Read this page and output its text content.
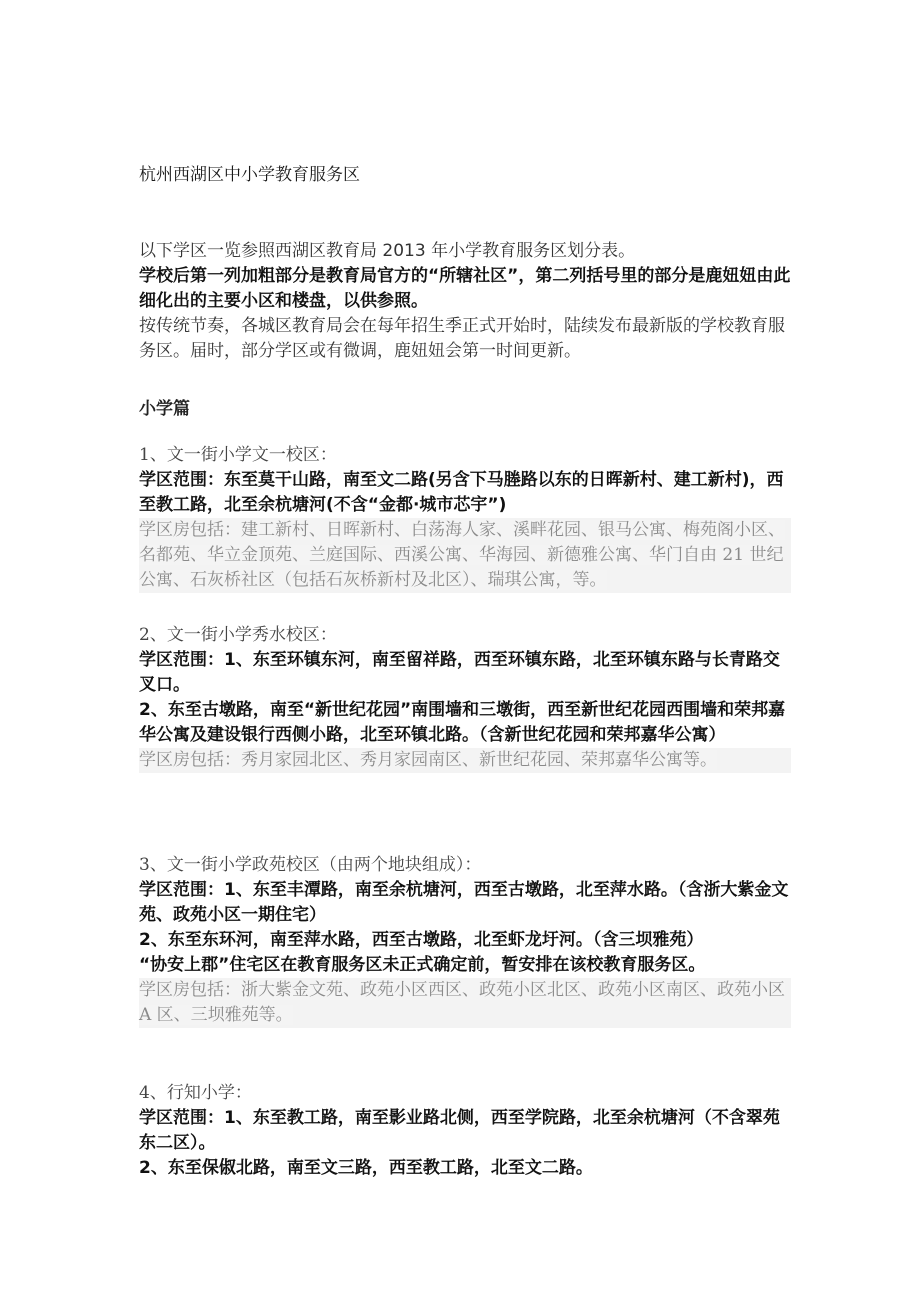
杭州西湖区中小学教育服务区

以下学区一览参照西湖区教育局 2013 年小学教育服务区划分表。

学校后第一列加粗部分是教育局官方的“所辖社区”，第二列括号里的部分是鹿妞妞由此细化出的主要小区和楼盘，以供参照。

按传统节奏，各城区教育局会在每年招生季正式开始时，陆续发布最新版的学校教育服务区。届时，部分学区或有微调，鹿妞妞会第一时间更新。

小学篇

1、文一街小学文一校区：

学区范围：东至莫干山路，南至文二路(另含下马塍路以东的日晖新村、建工新村)，西至教工路，北至余杭塘河(不含“金都·城市芯宇”)

学区房包括：建工新村、日晖新村、白荡海人家、溪畔花园、银马公寓、梅苑阁小区、名都苑、华立金顶苑、兰庭国际、西溪公寓、华海园、新德雅公寓、华门自由 21 世纪公寓、石灰桥社区（包括石灰桥新村及北区）、瑞琪公寓，等。

2、文一街小学秀水校区：

学区范围：1、东至环镇东河，南至留祥路，西至环镇东路，北至环镇东路与长青路交叉口。

2、东至古墩路，南至“新世纪花园”南围墙和三墩街，西至新世纪花园西围墙和荣邦嘉华公寓及建设银行西侧小路，北至环镇北路。（含新世纪花园和荣邦嘉华公寓）

学区房包括：秀月家园北区、秀月家园南区、新世纪花园、荣邦嘉华公寓等。

3、文一街小学政苑校区（由两个地块组成）：

学区范围：1、东至丰潭路，南至余杭塘河，西至古墩路，北至萍水路。（含浙大紫金文苑、政苑小区一期住宅）

2、东至东环河，南至萍水路，西至古墩路，北至虾龙圩河。（含三坝雅苑）

“协安上郡”住宅区在教育服务区未正式确定前，暂安排在该校教育服务区。

学区房包括：浙大紫金文苑、政苑小区西区、政苑小区北区、政苑小区南区、政苑小区 A 区、三坝雅苑等。

4、行知小学：

学区范围：1、东至教工路，南至影业路北侧，西至学院路，北至余杭塘河（不含翠苑东二区）。

2、东至保俶北路，南至文三路，西至教工路，北至文二路。
